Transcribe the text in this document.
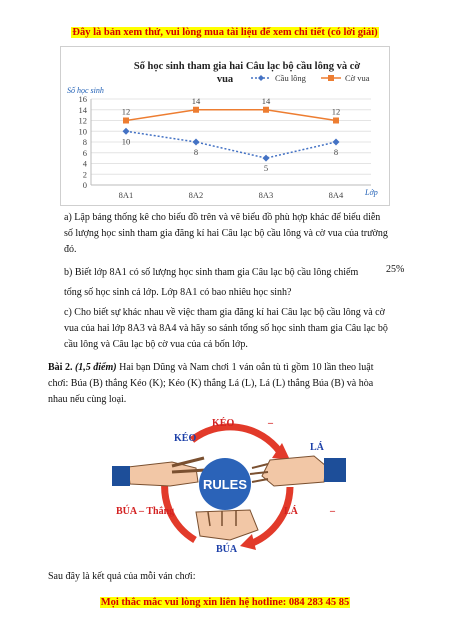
Đây là bản xem thử, vui lòng mua tài liệu để xem chi tiết (có lời giải)
Số học sinh tham gia hai Câu lạc bộ cầu lông và cờ
vua
Số học sinh
Lớp
Cầu lông	Cờ vua
0
2
4
6
8
10
12
14
16
8A1	8A2	8A3	8A4
10
8
5
8
12
14	14
12
a) Lập bảng thống kê cho biểu đồ trên và vẽ biểu đồ phù hợp khác để biểu diễn
số lượng học sinh tham gia đăng kí hai Câu lạc bộ cầu lông và cờ vua của trường
đó.
b) Biết lớp 8A1 có số lượng học sinh tham gia Câu lạc bộ cầu lông chiếm
tổng số học sinh cả lớp. Lớp 8A1 có bao nhiêu học sinh?
25%
c) Cho biết sự khác nhau về việc tham gia đăng kí hai Câu lạc bộ cầu lông và cờ
vua của hai lớp 8A3 và 8A4 và hãy so sánh tổng số học sinh tham gia Câu lạc bộ
cầu lông và Câu lạc bộ cờ vua của cả bốn lớp.
Bài 2. (1,5 điểm) Hai bạn Dũng và Nam chơi 1 ván oẳn tù tì gồm 10 lần theo luật
chơi: Búa (B) thắng Kéo (K); Kéo (K) thắng Lá (L), Lá (L) thắng Búa (B) và hòa
nhau nếu cùng loại.
RULES
KÉO	–
KÉO
LÁ
BÚA – Thắng	LÁ	–
BÚA
Sau đây là kết quả của mỗi ván chơi:
Mọi thắc mắc vui lòng xin liên hệ hotline: 084 283 45 85
